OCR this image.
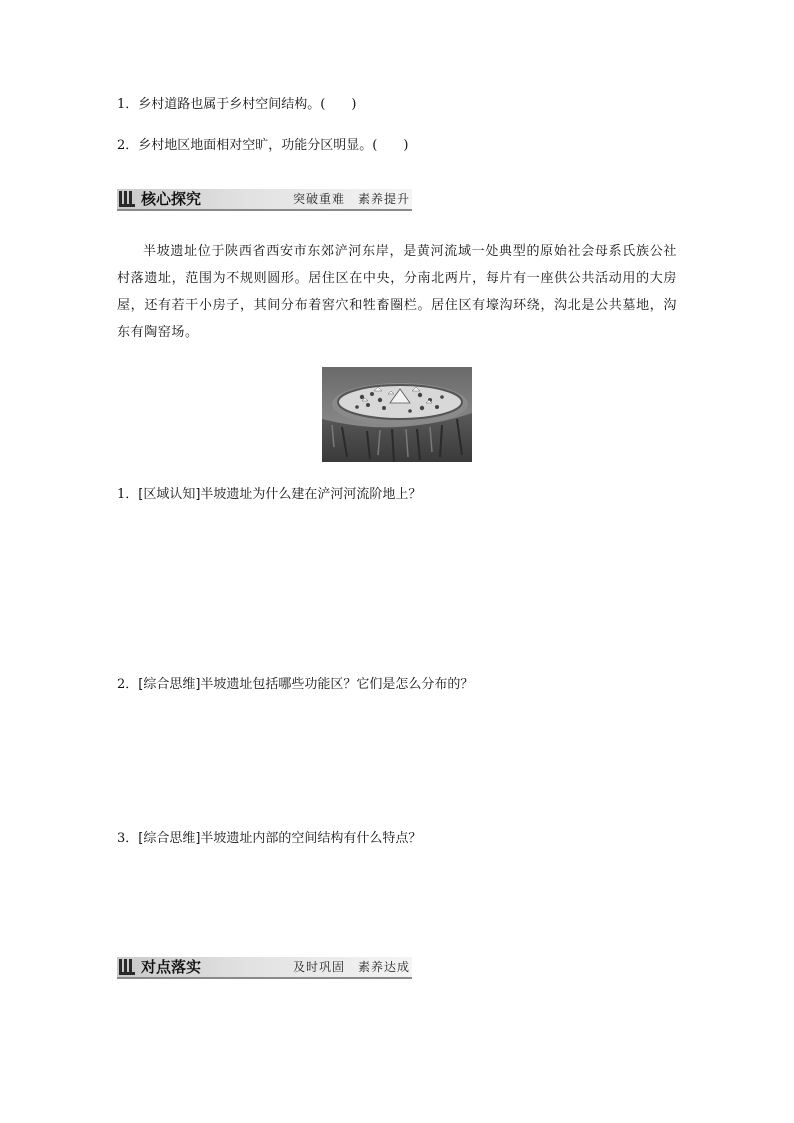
1．乡村道路也属于乡村空间结构。(　　)
2．乡村地区地面相对空旷，功能分区明显。(　　)
核心探究	突破重难　素养提升
半坡遗址位于陕西省西安市东郊浐河东岸，是黄河流域一处典型的原始社会母系氏族公社村落遗址，范围为不规则圆形。居住区在中央，分南北两片，每片有一座供公共活动用的大房屋，还有若干小房子，其间分布着窖穴和牲畜圈栏。居住区有壕沟环绕，沟北是公共墓地，沟东有陶窑场。
1．[区域认知]半坡遗址为什么建在浐河河流阶地上？
2．[综合思维]半坡遗址包括哪些功能区？它们是怎么分布的？
3．[综合思维]半坡遗址内部的空间结构有什么特点？
对点落实	及时巩固　素养达成
